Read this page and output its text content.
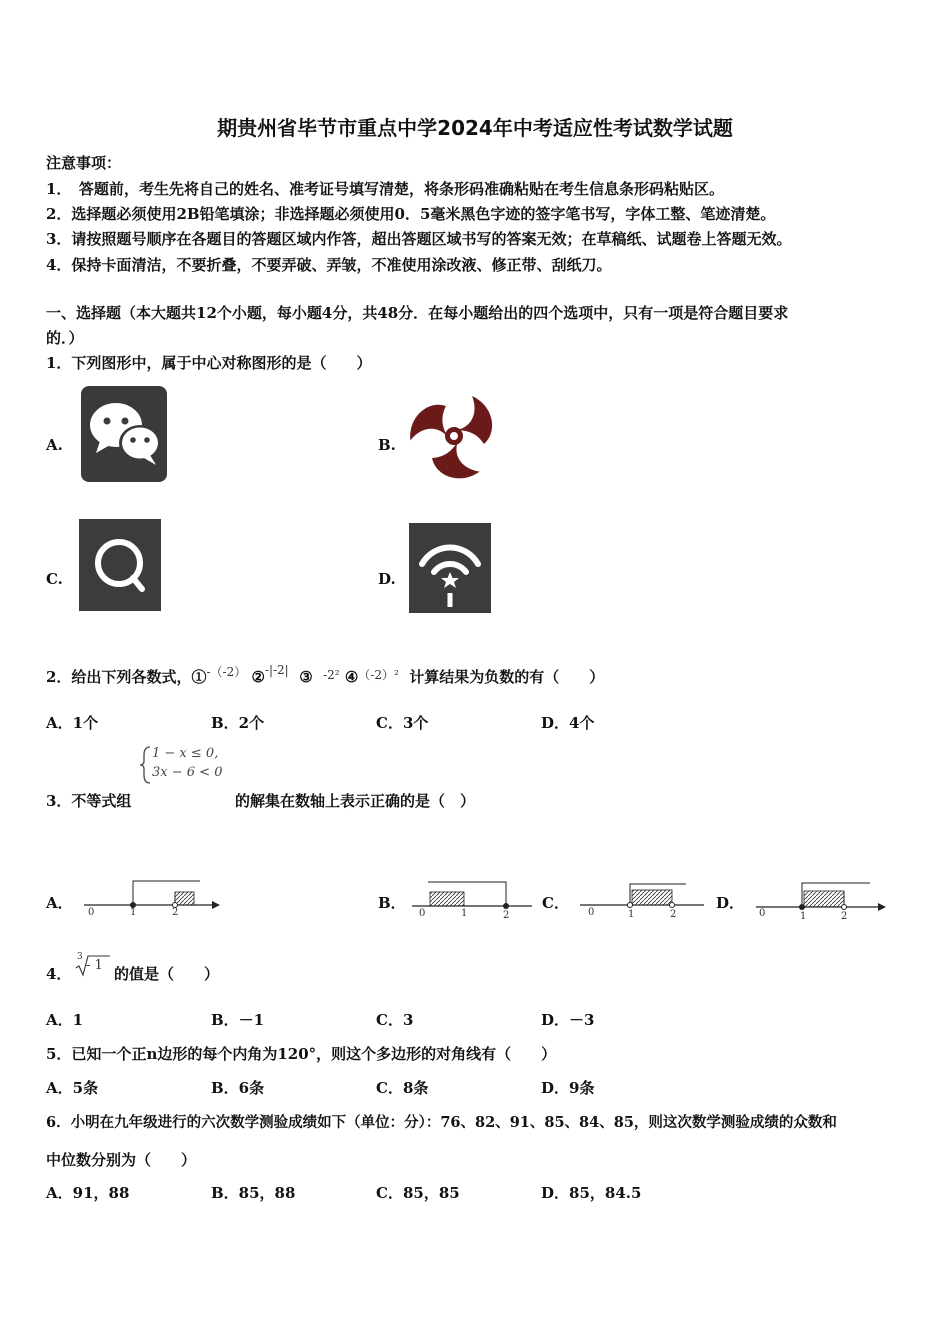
期贵州省毕节市重点中学2024年中考适应性考试数学试题
注意事项：
1．　答题前，考生先将自己的姓名、准考证号填写清楚，将条形码准确粘贴在考生信息条形码粘贴区。
2．选择题必须使用2B铅笔填涂；非选择题必须使用0．5毫米黑色字迹的签字笔书写，字体工整、笔迹清楚。
3．请按照题号顺序在各题目的答题区域内作答，超出答题区域书写的答案无效；在草稿纸、试题卷上答题无效。
4．保持卡面清洁，不要折叠，不要弄破、弄皱，不准使用涂改液、修正带、刮纸刀。
一、选择题（本大题共12个小题，每小题4分，共48分．在每小题给出的四个选项中，只有一项是符合题目要求
的．）
1．下列图形中，属于中心对称图形的是（　　）
A.	B.
C.	D.
2．给出下列各数式，①$^{-(-2)}$ ②$^{-|-2|}$ ③ $^{-2^2}$ ④$^{(-2)^2}$ 计算结果为负数的有（　　）
A．1个	B．2个	C．3个	D．4个
1 − x ≤ 0,
3x − 6 < 0
3．不等式组	的解集在数轴上表示正确的是（　）
A．
0	1	2
B．
0	1	2
C．
0	1	2
D．
0	1	2
4．
3
- 1 的值是（　　）
A．1	B．－1	C．3	D．－3
5．已知一个正n边形的每个内角为120°，则这个多边形的对角线有（　　）
A．5条	B．6条	C．8条	D．9条
6．小明在九年级进行的六次数学测验成绩如下（单位：分）：76、82、91、85、84、85，则这次数学测验成绩的众数和
中位数分别为（　　）
A．91，88	B．85，88	C．85，85	D．85，84.5
